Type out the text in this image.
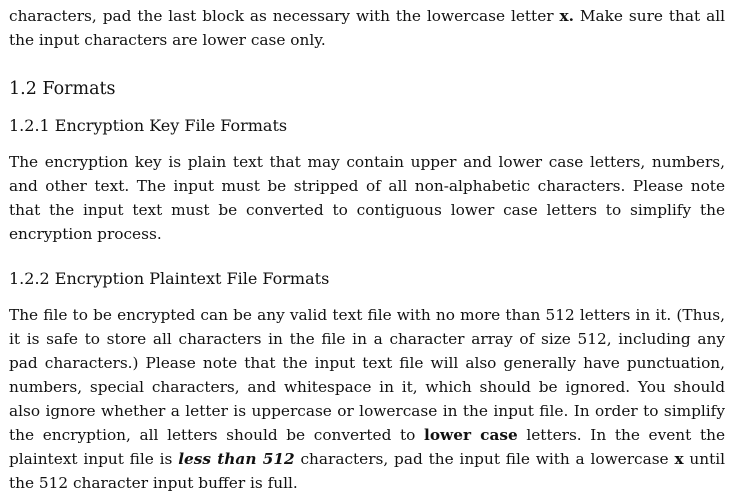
characters, pad the last block as necessary with the lowercase letter x. Make sure that all the input characters are lower case only.

1.2 Formats
1.2.1 Encryption Key File Formats

The encryption key is plain text that may contain upper and lower case letters, numbers, and other text. The input must be stripped of all non-alphabetic characters. Please note that the input text must be converted to contiguous lower case letters to simplify the encryption process.

1.2.2 Encryption Plaintext File Formats

The file to be encrypted can be any valid text file with no more than 512 letters in it. (Thus, it is safe to store all characters in the file in a character array of size 512, including any pad characters.) Please note that the input text file will also generally have punctuation, numbers, special characters, and whitespace in it, which should be ignored. You should also ignore whether a letter is uppercase or lowercase in the input file. In order to simplify the encryption, all letters should be converted to lower case letters. In the event the plaintext input file is less than 512 characters, pad the input file with a lowercase x until the 512 character input buffer is full.
